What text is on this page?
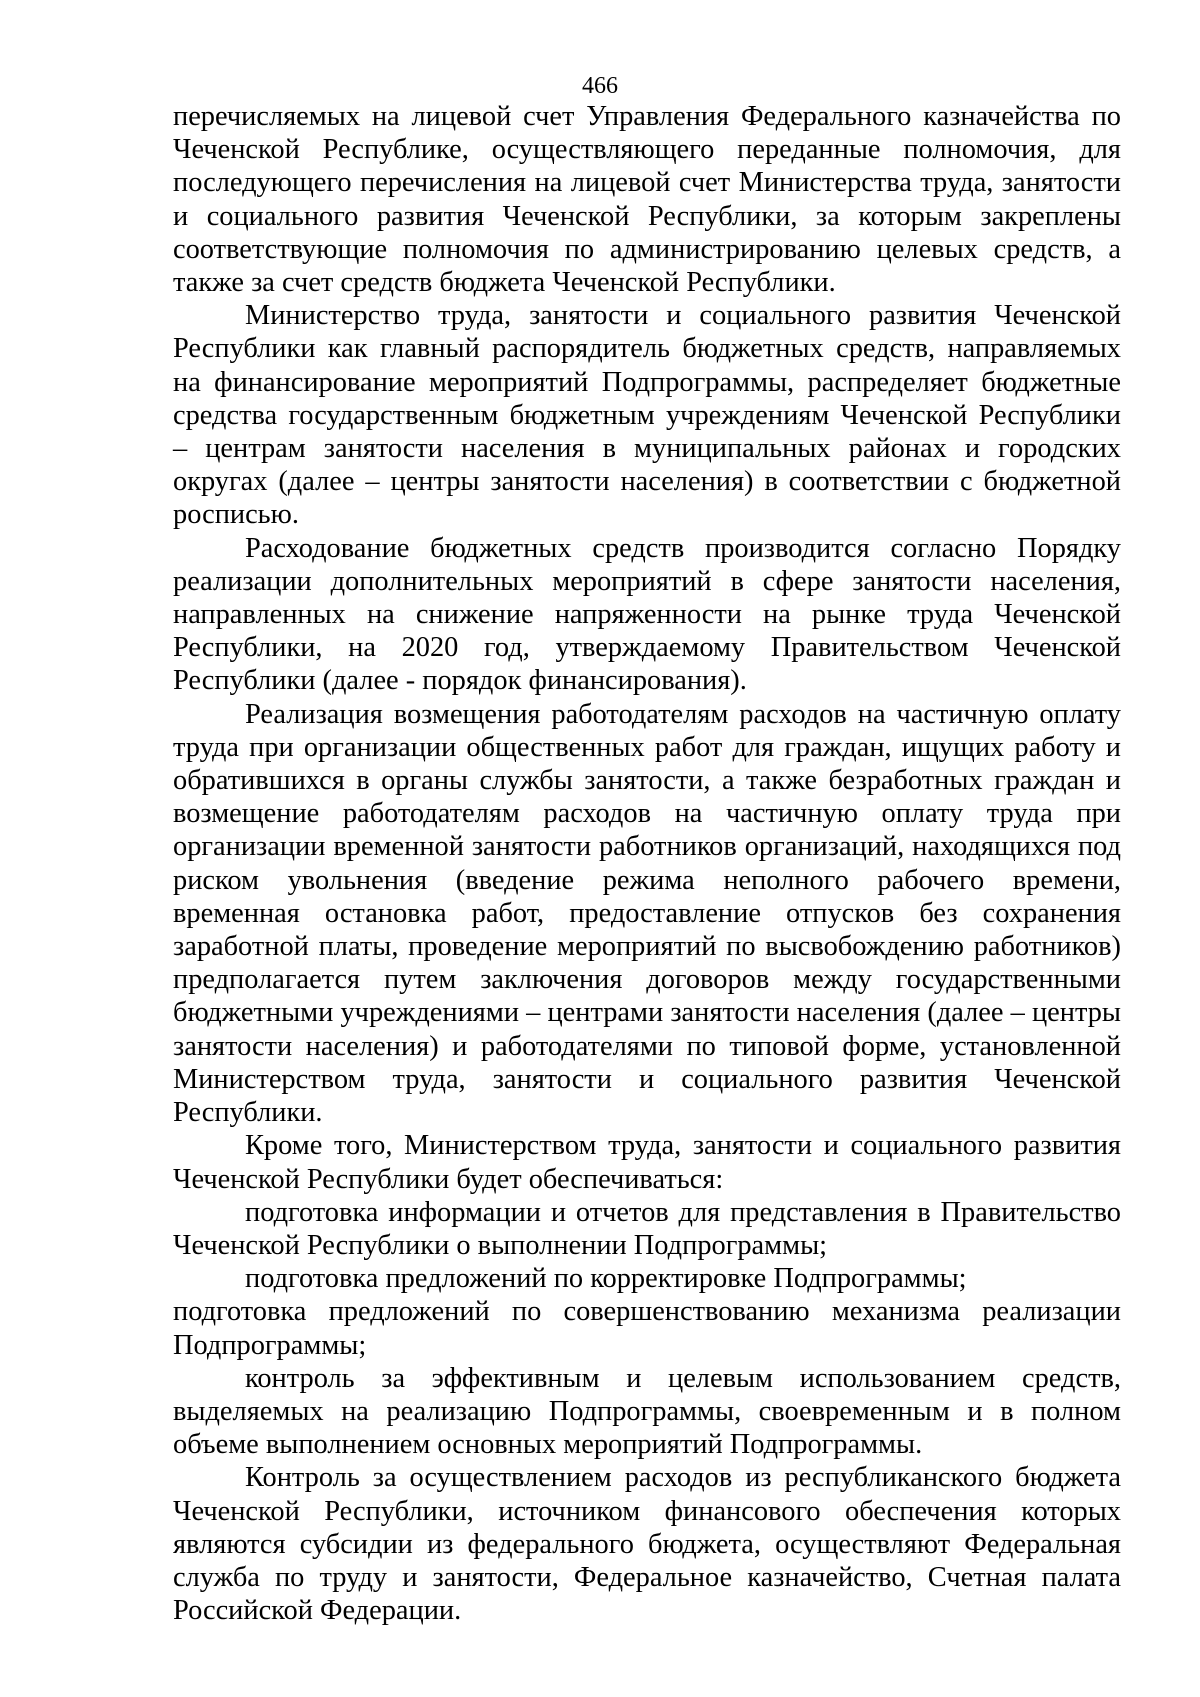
466

перечисляемых на лицевой счет Управления Федерального казначейства по Чеченской Республике, осуществляющего переданные полномочия, для последующего перечисления на лицевой счет Министерства труда, занятости и социального развития Чеченской Республики, за которым закреплены соответствующие полномочия по администрированию целевых средств, а также за счет средств бюджета Чеченской Республики.

Министерство труда, занятости и социального развития Чеченской Республики как главный распорядитель бюджетных средств, направляемых на финансирование мероприятий Подпрограммы, распределяет бюджетные средства государственным бюджетным учреждениям Чеченской Республики – центрам занятости населения в муниципальных районах и городских округах (далее – центры занятости населения) в соответствии с бюджетной росписью.

Расходование бюджетных средств производится согласно Порядку реализации дополнительных мероприятий в сфере занятости населения, направленных на снижение напряженности на рынке труда Чеченской Республики, на 2020 год, утверждаемому Правительством Чеченской Республики (далее - порядок финансирования).

Реализация возмещения работодателям расходов на частичную оплату труда при организации общественных работ для граждан, ищущих работу и обратившихся в органы службы занятости, а также безработных граждан и возмещение работодателям расходов на частичную оплату труда при организации временной занятости работников организаций, находящихся под риском увольнения (введение режима неполного рабочего времени, временная остановка работ, предоставление отпусков без сохранения заработной платы, проведение мероприятий по высвобождению работников) предполагается путем заключения договоров между государственными бюджетными учреждениями – центрами занятости населения (далее – центры занятости населения) и работодателями по типовой форме, установленной Министерством труда, занятости и социального развития Чеченской Республики.

Кроме того, Министерством труда, занятости и социального развития Чеченской Республики будет обеспечиваться:

подготовка информации и отчетов для представления в Правительство Чеченской Республики о выполнении Подпрограммы;

подготовка предложений по корректировке Подпрограммы;

подготовка предложений по совершенствованию механизма реализации Подпрограммы;

контроль за эффективным и целевым использованием средств, выделяемых на реализацию Подпрограммы, своевременным и в полном объеме выполнением основных мероприятий Подпрограммы.

Контроль за осуществлением расходов из республиканского бюджета Чеченской Республики, источником финансового обеспечения которых являются субсидии из федерального бюджета, осуществляют Федеральная служба по труду и занятости, Федеральное казначейство, Счетная палата Российской Федерации.
